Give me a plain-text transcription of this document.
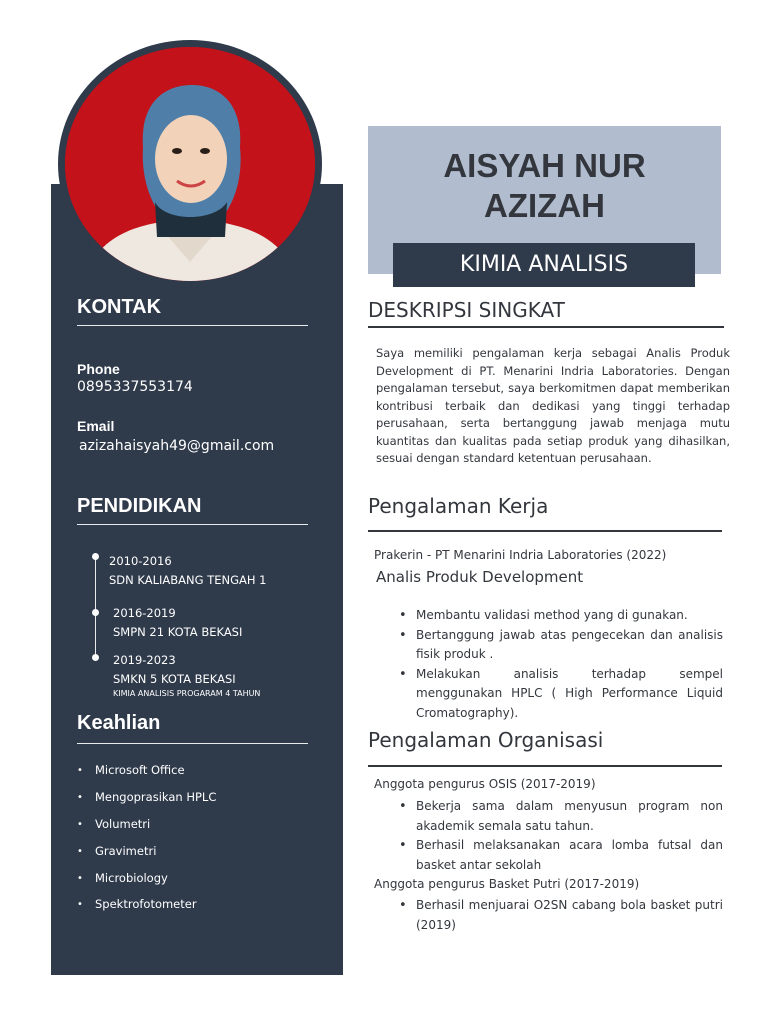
KONTAK
Phone
0895337553174
Email
azizahaisyah49@gmail.com
PENDIDIKAN
2010-2016
SDN KALIABANG TENGAH 1
2016-2019
SMPN 21 KOTA BEKASI
2019-2023
SMKN 5 KOTA BEKASI
KIMIA ANALISIS PROGARAM 4 TAHUN
Keahlian
• Microsoft Office
• Mengoprasikan HPLC
• Volumetri
• Gravimetri
• Microbiology
• Spektrofotometer
AISYAH NUR
AZIZAH
KIMIA ANALISIS
DESKRIPSI SINGKAT
Saya memiliki pengalaman kerja sebagai Analis Produk Development di PT. Menarini Indria Laboratories. Dengan pengalaman tersebut, saya berkomitmen dapat memberikan kontribusi terbaik dan dedikasi yang tinggi terhadap perusahaan, serta bertanggung jawab menjaga mutu kuantitas dan kualitas pada setiap produk yang dihasilkan, sesuai dengan standard ketentuan perusahaan.
Pengalaman Kerja
Prakerin - PT Menarini Indria Laboratories (2022)
Analis Produk Development
• Membantu validasi method yang di gunakan.
• Bertanggung jawab atas pengecekan dan analisis fisik produk .
• Melakukan analisis terhadap sempel menggunakan HPLC ( High Performance Liquid Cromatography).
Pengalaman Organisasi
Anggota pengurus OSIS (2017-2019)
• Bekerja sama dalam menyusun program non akademik semala satu tahun.
• Berhasil melaksanakan acara lomba futsal dan basket antar sekolah
Anggota pengurus Basket Putri (2017-2019)
• Berhasil menjuarai O2SN cabang bola basket putri (2019)
